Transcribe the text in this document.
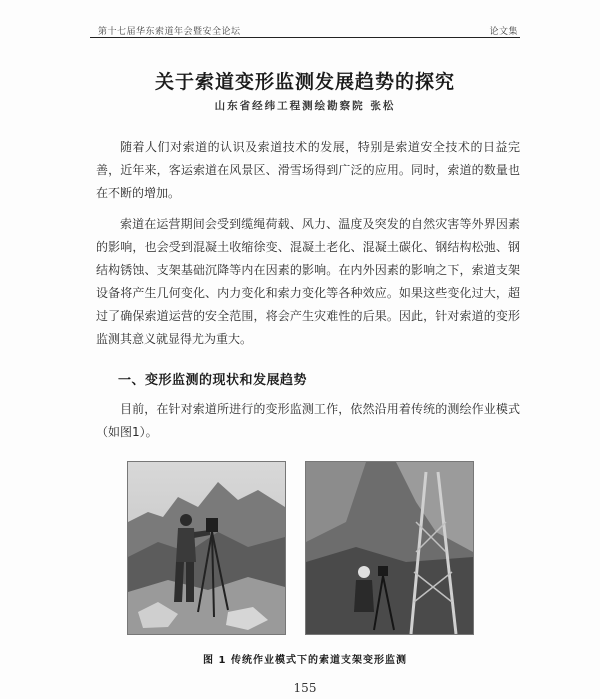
第十七届华东索道年会暨安全论坛	论文集
关于索道变形监测发展趋势的探究
山东省经纬工程测绘勘察院 张松
随着人们对索道的认识及索道技术的发展，特别是索道安全技术的日益完善，近年来，客运索道在风景区、滑雪场得到广泛的应用。同时，索道的数量也在不断的增加。
索道在运营期间会受到缆绳荷载、风力、温度及突发的自然灾害等外界因素的影响，也会受到混凝土收缩徐变、混凝土老化、混凝土碳化、钢结构松弛、钢结构锈蚀、支架基础沉降等内在因素的影响。在内外因素的影响之下，索道支架设备将产生几何变化、内力变化和索力变化等各种效应。如果这些变化过大，超过了确保索道运营的安全范围，将会产生灾难性的后果。因此，针对索道的变形监测其意义就显得尤为重大。
一、变形监测的现状和发展趋势
目前，在针对索道所进行的变形监测工作，依然沿用着传统的测绘作业模式（如图1）。
图 1 传统作业模式下的索道支架变形监测
155
